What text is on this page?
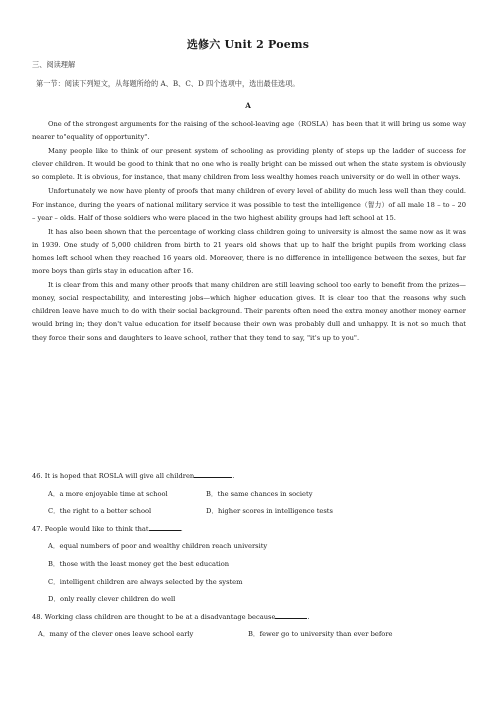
选修六 Unit 2 Poems
三、阅读理解
第一节：阅读下列短文，从每题所给的 A、B、C、D 四个选项中，选出最佳选项。
A

One of the strongest arguments for the raising of the school-leaving age（ROSLA）has been that it will bring us some way nearer to"equality of opportunity".

Many people like to think of our present system of schooling as providing plenty of steps up the ladder of success for clever children. It would be good to think that no one who is really bright can be missed out when the state system is obviously so complete. It is obvious, for instance, that many children from less wealthy homes reach university or do well in other ways.

Unfortunately we now have plenty of proofs that many children of every level of ability do much less well than they could. For instance, during the years of national military service it was possible to test the intelligence（智力）of all male 18 – to – 20 – year – olds. Half of those soldiers who were placed in the two highest ability groups had left school at 15.

It has also been shown that the percentage of working class children going to university is almost the same now as it was in 1939. One study of 5,000 children from birth to 21 years old shows that up to half the bright pupils from working class homes left school when they reached 16 years old. Moreover, there is no difference in intelligence between the sexes, but far more boys than girls stay in education after 16.

It is clear from this and many other proofs that many children are still leaving school too early to benefit from the prizes—money, social respectability, and interesting jobs—which higher education gives. It is clear too that the reasons why such children leave have much to do with their social background. Their parents often need the extra money another money earner would bring in; they don't value education for itself because their own was probably dull and unhappy. It is not so much that they force their sons and daughters to leave school, rather that they tend to say, "it's up to you".

46. It is hoped that ROSLA will give all children	.
A．a more enjoyable time at school	B．the same chances in society
C．the right to a better school	D．higher scores in intelligence tests
47. People would like to think that	.
A．equal numbers of poor and wealthy children reach university
B．those with the least money get the best education
C．intelligent children are always selected by the system
D．only really clever children do well
48. Working class children are thought to be at a disadvantage because	.
A．many of the clever ones leave school early	B．fewer go to university than ever before
